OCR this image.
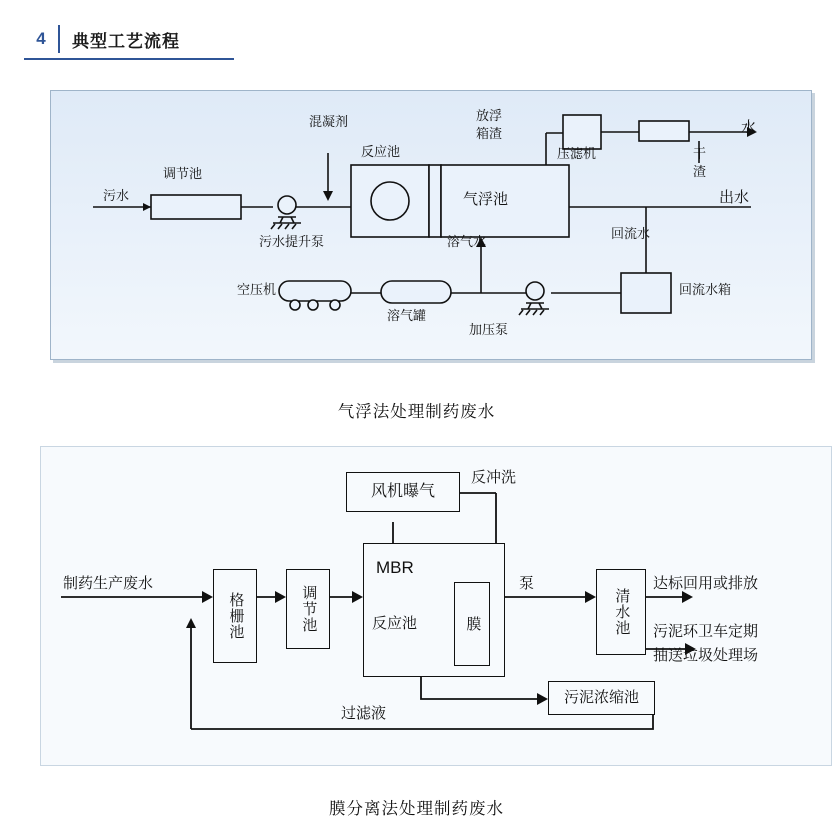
4	典型工艺流程
污水
调节池
混凝剂
污水提升泵
反应池
气浮池
溶气水
放浮
箱渣
压滤机	干
渣
水
出水
回流水
回流水箱
空压机
溶气罐
加压泵
气浮法处理制药废水
格栅池	调节池
MBR
反应池	膜
风机曝气
清水池
污泥浓缩池
制药生产废水
反冲洗
泵	达标回用或排放
污泥环卫车定期
抽送垃圾处理场
过滤液
膜分离法处理制药废水
